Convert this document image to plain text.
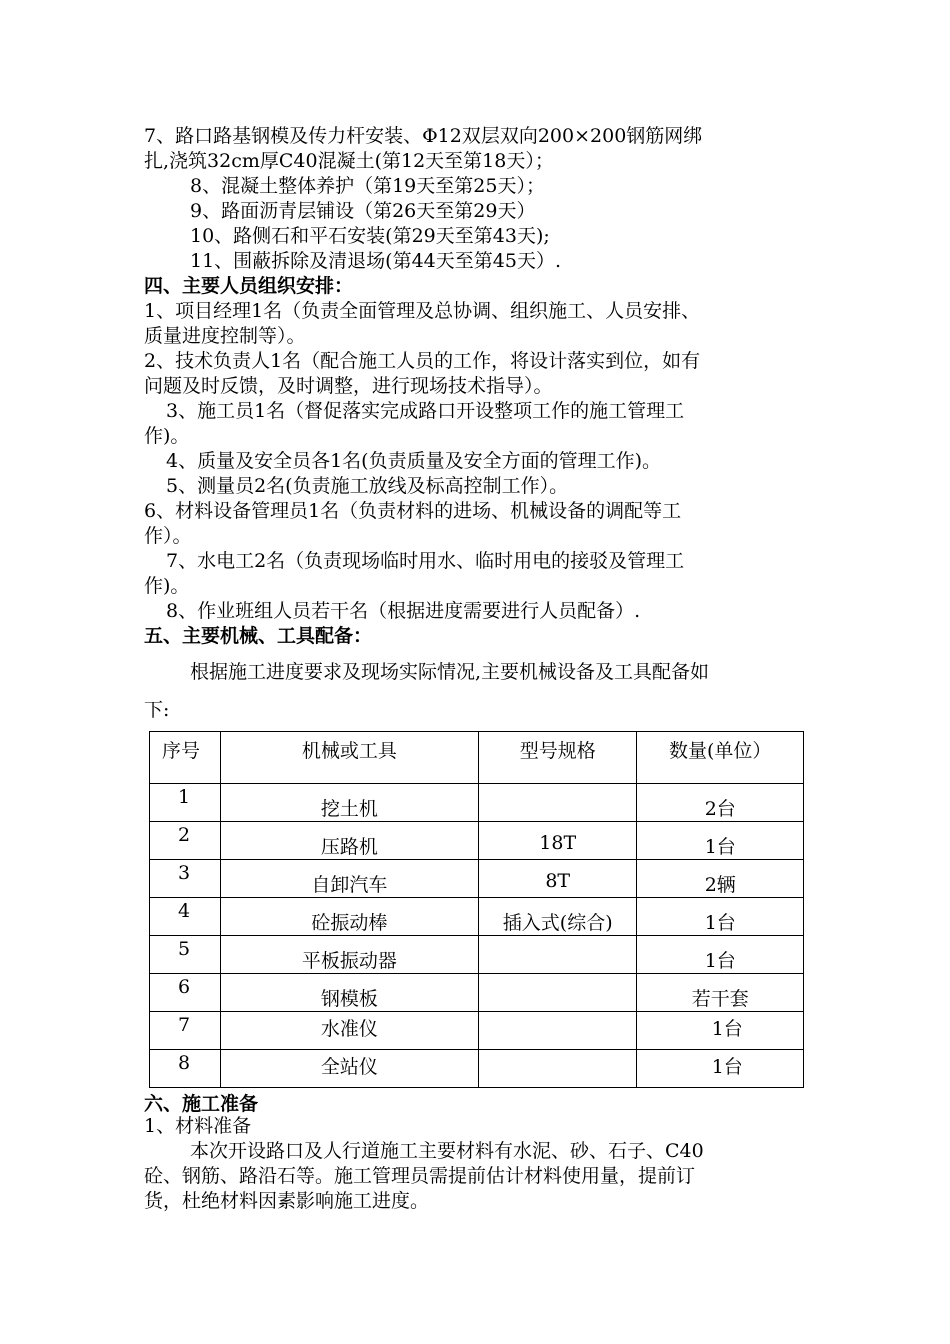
7、路口路基钢模及传力杆安装、Φ12双层双向200×200钢筋网绑
扎,浇筑32cm厚C40混凝土(第12天至第18天）；
8、混凝土整体养护（第19天至第25天）；
9、路面沥青层铺设（第26天至第29天）
10、路侧石和平石安装(第29天至第43天);
11、围蔽拆除及清退场(第44天至第45天）.
四、主要人员组织安排：
1、项目经理1名（负责全面管理及总协调、组织施工、人员安排、
质量进度控制等）。
2、技术负责人1名（配合施工人员的工作，将设计落实到位，如有
问题及时反馈，及时调整，进行现场技术指导）。
3、施工员1名（督促落实完成路口开设整项工作的施工管理工
作)。
4、质量及安全员各1名(负责质量及安全方面的管理工作)。
5、测量员2名(负责施工放线及标高控制工作）。
6、材料设备管理员1名（负责材料的进场、机械设备的调配等工
作）。
7、水电工2名（负责现场临时用水、临时用电的接驳及管理工
作)。
8、作业班组人员若干名（根据进度需要进行人员配备）.
五、主要机械、工具配备：
根据施工进度要求及现场实际情况,主要机械设备及工具配备如
下:
序号	机械或工具	型号规格	数量(单位）

1	挖土机		2台

2	压路机	18T	1台

3	自卸汽车	8T	2辆

4	砼振动棒	插入式(综合)	1台

5	平板振动器		1台

6	钢模板		若干套

7	水准仪		1台

8	全站仪		1台
六、施工准备
1、材料准备
本次开设路口及人行道施工主要材料有水泥、砂、石子、C40
砼、钢筋、路沿石等。施工管理员需提前估计材料使用量，提前订
货，杜绝材料因素影响施工进度。
